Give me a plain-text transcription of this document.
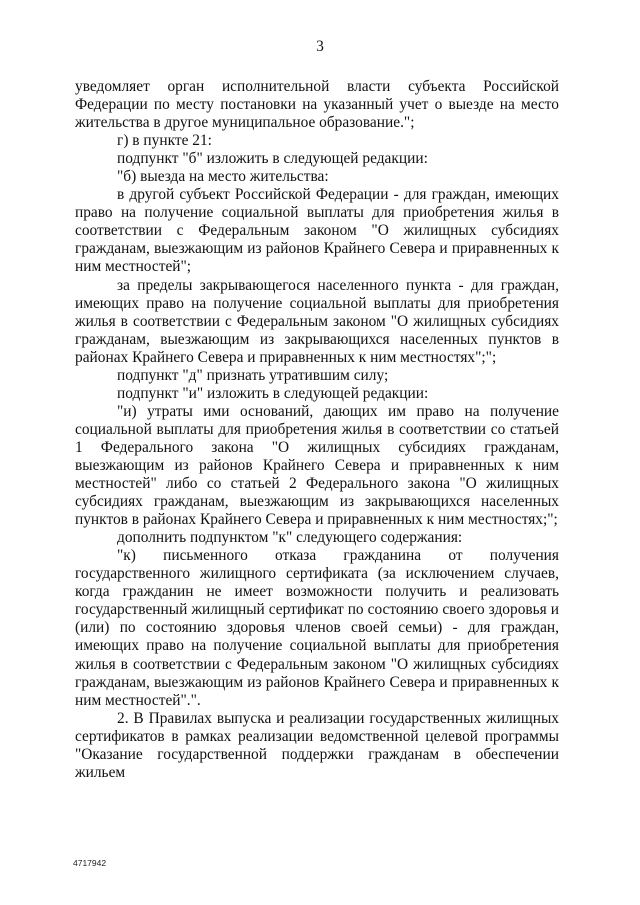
3

уведомляет орган исполнительной власти субъекта Российской Федерации по месту постановки на указанный учет о выезде на место жительства в другое муниципальное образование.";

г) в пункте 21:

подпункт "б" изложить в следующей редакции:

"б) выезда на место жительства:

в другой субъект Российской Федерации - для граждан, имеющих право на получение социальной выплаты для приобретения жилья в соответствии с Федеральным законом "О жилищных субсидиях гражданам, выезжающим из районов Крайнего Севера и приравненных к ним местностей";

за пределы закрывающегося населенного пункта - для граждан, имеющих право на получение социальной выплаты для приобретения жилья в соответствии с Федеральным законом "О жилищных субсидиях гражданам, выезжающим из закрывающихся населенных пунктов в районах Крайнего Севера и приравненных к ним местностях";";

подпункт "д" признать утратившим силу;

подпункт "и" изложить в следующей редакции:

"и) утраты ими оснований, дающих им право на получение социальной выплаты для приобретения жилья в соответствии со статьей 1 Федерального закона "О жилищных субсидиях гражданам, выезжающим из районов Крайнего Севера и приравненных к ним местностей" либо со статьей 2 Федерального закона "О жилищных субсидиях гражданам, выезжающим из закрывающихся населенных пунктов в районах Крайнего Севера и приравненных к ним местностях;";

дополнить подпунктом "к" следующего содержания:

"к) письменного отказа гражданина от получения государственного жилищного сертификата (за исключением случаев, когда гражданин не имеет возможности получить и реализовать государственный жилищный сертификат по состоянию своего здоровья и (или) по состоянию здоровья членов своей семьи) - для граждан, имеющих право на получение социальной выплаты для приобретения жилья в соответствии с Федеральным законом "О жилищных субсидиях гражданам, выезжающим из районов Крайнего Севера и приравненных к ним местностей".".

2. В Правилах выпуска и реализации государственных жилищных сертификатов в рамках реализации ведомственной целевой программы "Оказание государственной поддержки гражданам в обеспечении жильем

4717942
